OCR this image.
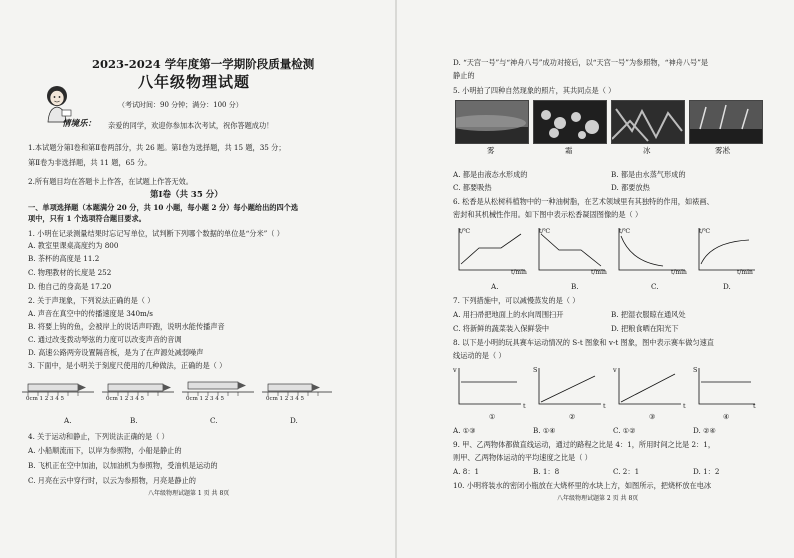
2023-2024 学年度第一学期阶段质量检测
八年级物理试题
（考试时间：90 分钟；满分：100 分）
情境乐： 亲爱的同学，欢迎你参加本次考试，祝你答题成功！
1.本试题分第Ⅰ卷和第Ⅱ卷两部分，共 26 题。第Ⅰ卷为选择题，共 15 题，35 分；
第Ⅱ卷为非选择题，共 11 题，65 分。
2.所有题目均在答题卡上作答，在试题上作答无效。
第Ⅰ卷（共 35 分）
一、单项选择题（本题满分 20 分，共 10 小题，每小题 2 分）每小题给出的四个选
项中，只有 1 个选项符合题目要求。
1. 小明在记录测量结果时忘记写单位，试判断下列哪个数据的单位是“分米”（ ）
A. 教室里课桌高度约为 800
B. 茶杯的高度是 11.2
C. 物理教材的长度是 252
D. 他自己的身高是 17.20
2. 关于声现象，下列说法正确的是（ ）
A. 声音在真空中的传播速度是 340m/s
B. 将要上钩的鱼，会被岸上的说话声吓跑，说明水能传播声音
C. 通过改变拨动琴弦的力度可以改变声音的音调
D. 高速公路两旁设置隔音板，是为了在声源处减弱噪声
3. 下面中，是小明关于刻度尺使用的几种做法，正确的是（ ）
0cm 1 2 3 4 5	0cm 1 2 3 4 5	0cm 1 2 3 4 5	0cm 1 2 3 4 5
A.	B.	C.	D.
4. 关于运动和静止，下列说法正确的是（ ）
A. 小船顺流而下，以岸为参照物，小船是静止的
B. 飞机正在空中加油，以加油机为参照物，受油机是运动的
C. 月亮在云中穿行时，以云为参照物，月亮是静止的
八年级物理试题第 1 页 共 8页
D. “天宫一号”与“神舟八号”成功对接后，以“天宫一号”为参照物，“神舟八号”是
静止的
5. 小明拍了四种自然现象的照片，其共同点是（ ）
雾	霜	冰	雾凇
A. 都是由液态水形成的	B. 都是由水蒸气形成的
C. 都要吸热	D. 都要放热
6. 松香是从松树科植物中的一种油树脂，在艺术领域里有其独特的作用，如裱画、
密封和其机械性作用。如下图中表示松香凝固图像的是（ ）
t/℃	t/℃	t/℃	t/℃
t/min	t/min	t/min	t/min
A.	B.	C.	D.
7. 下列措施中，可以减慢蒸发的是（ ）
A. 用扫帚把地面上的水向周围扫开	B. 把湿衣服晾在通风处
C. 将新鲜的蔬菜装入保鲜袋中	D. 把粮食晒在阳光下
8. 以下是小明的玩具赛车运动情况的 S-t 图象和 v-t 图象，图中表示赛车做匀速直
线运动的是（ ）
v	S	v	S
t	t	t	t
①	②	③	④
A. ①③	B. ①④	C. ①②	D. ②④
9. 甲、乙两物体都做直线运动，通过的路程之比是 4：1，所用时间之比是 2：1，
则甲、乙两物体运动的平均速度之比是（ ）
A. 8：1	B. 1：8	C. 2：1	D. 1：2
10. 小明将装水的密闭小瓶放在大烧杯里的水块上方，如图所示，把烧杯放在电冰
八年级物理试题第 2 页 共 8页
